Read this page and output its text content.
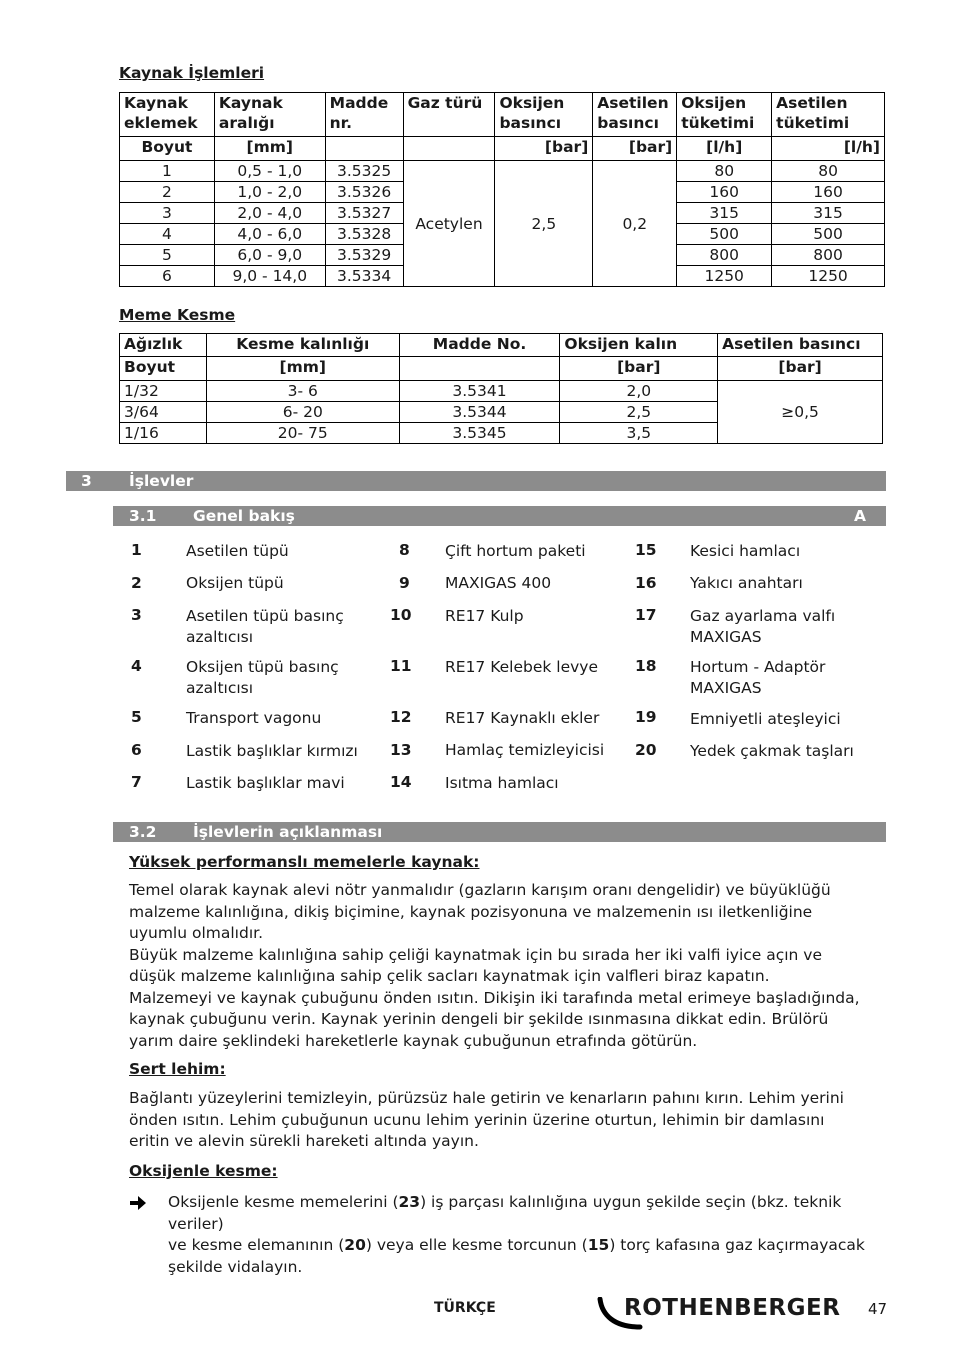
Kaynak İşlemleri
Kaynak eklemek	Kaynak aralığı	Madde nr.	Gaz türü	Oksijen basıncı	Asetilen basıncı	Oksijen tüketimi	Asetilen tüketimi
Boyut	[mm]			[bar]	[bar]	[l/h]	[l/h]
1	0,5 - 1,0	3.5325	Acetylen	2,5	0,2	80	80
2	1,0 - 2,0	3.5326				160	160
3	2,0 - 4,0	3.5327				315	315
4	4,0 - 6,0	3.5328				500	500
5	6,0 - 9,0	3.5329				800	800
6	9,0 - 14,0	3.5334				1250	1250
Meme Kesme
Ağızlık	Kesme kalınlığı	Madde No.	Oksijen kalın	Asetilen basıncı
Boyut	[mm]		[bar]	[bar]
1/32	3- 6	3.5341	2,0	≥0,5
3/64	6- 20	3.5344	2,5	
1/16	20- 75	3.5345	3,5	
3 İşlevler
3.1 Genel bakış	A
1	Asetilen tüpü
2	Oksijen tüpü
3	Asetilen tüpü basınç azaltıcısı
4	Oksijen tüpü basınç azaltıcısı
5	Transport vagonu
6	Lastik başlıklar kırmızı
7	Lastik başlıklar mavi
8 Çift hortum paketi
9 MAXIGAS 400
10 RE17 Kulp
11 RE17 Kelebek levye
12 RE17 Kaynaklı ekler
13 Hamlaç temizleyicisi
14 Isıtma hamlacı
15 Kesici hamlacı
16 Yakıcı anahtarı
17 Gaz ayarlama valfı MAXIGAS
18 Hortum - Adaptör MAXIGAS
19 Emniyetli ateşleyici
20 Yedek çakmak taşları
3.2 İşlevlerin açıklanması
Yüksek performanslı memelerle kaynak:
Temel olarak kaynak alevi nötr yanmalıdır (gazların karışım oranı dengelidir) ve büyüklüğü
malzeme kalınlığına, dikiş biçimine, kaynak pozisyonuna ve malzemenin ısı iletkenliğine
uyumlu olmalıdır.
Büyük malzeme kalınlığına sahip çeliği kaynatmak için bu sırada her iki valfi iyice açın ve
düşük malzeme kalınlığına sahip çelik sacları kaynatmak için valfleri biraz kapatın.
Malzemeyi ve kaynak çubuğunu önden ısıtın. Dikişin iki tarafında metal erimeye başladığında,
kaynak çubuğunu verin. Kaynak yerinin dengeli bir şekilde ısınmasına dikkat edin. Brülörü
yarım daire şeklindeki hareketlerle kaynak çubuğunun etrafında götürün.
Sert lehim:
Bağlantı yüzeylerini temizleyin, pürüzsüz hale getirin ve kenarların pahını kırın. Lehim yerini
önden ısıtın. Lehim çubuğunun ucunu lehim yerinin üzerine oturtun, lehimin bir damlasını
eritin ve alevin sürekli hareketi altında yayın.
Oksijenle kesme:
Oksijenle kesme memelerini (23) iş parçası kalınlığına uygun şekilde seçin (bkz. teknik veriler)
ve kesme elemanının (20) veya elle kesme torcunun (15) torç kafasına gaz kaçırmayacak
şekilde vidalayın.
TÜRKÇE	ROTHENBERGER 47
